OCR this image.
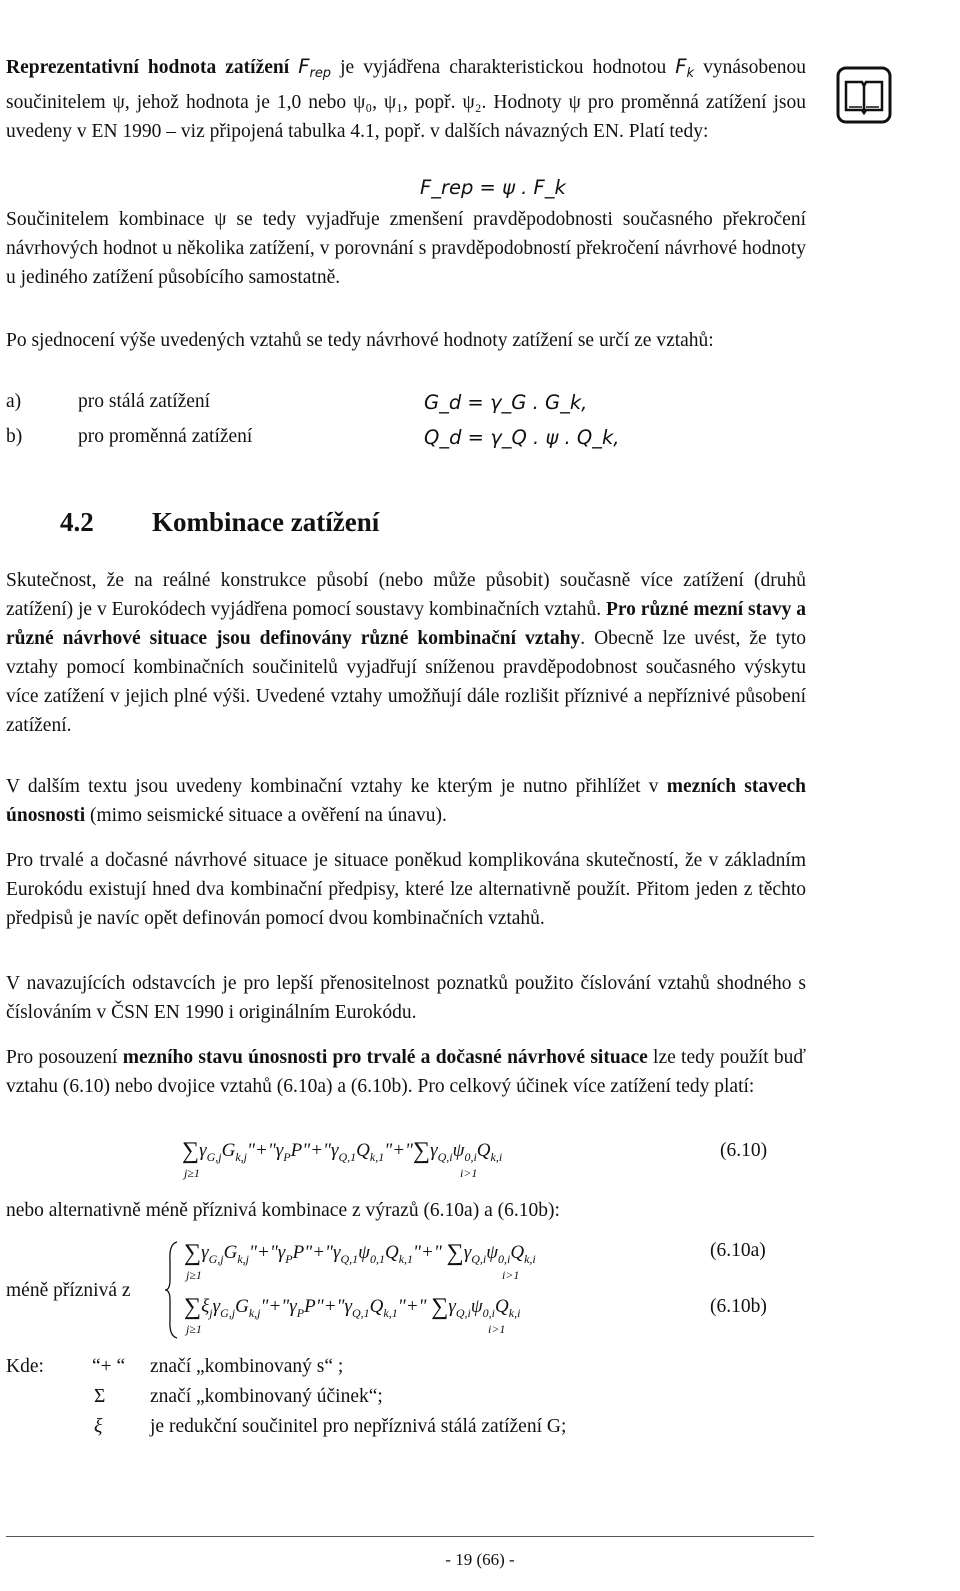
Reprezentativní hodnota zatížení $F_{rep}$ je vyjádřena charakteristickou hodnotou $F_k$ vynásobenou součinitelem ψ, jehož hodnota je 1,0 nebo ψ₀, ψ₁, popř. ψ₂. Hodnoty ψ pro proměnná zatížení jsou uvedeny v EN 1990 – viz připojená tabulka 4.1, popř. v dalších návazných EN. Platí tedy:
F_rep = ψ . F_k
Součinitelem kombinace ψ se tedy vyjadřuje zmenšení pravděpodobnosti současného překročení návrhových hodnot u několika zatížení, v porovnání s pravděpodobností překročení návrhové hodnoty u jediného zatížení působícího samostatně.
Po sjednocení výše uvedených vztahů se tedy návrhové hodnoty zatížení se určí ze vztahů:
a)	pro stálá zatížení	G_d = γ_G . G_k,
b)	pro proměnná zatížení	Q_d = γ_Q . ψ . Q_k,
4.2 Kombinace zatížení
Skutečnost, že na reálné konstrukce působí (nebo může působit) současně více zatížení (druhů zatížení) je v Eurokódech vyjádřena pomocí soustavy kombinačních vztahů. Pro různé mezní stavy a různé návrhové situace jsou definovány různé kombinační vztahy. Obecně lze uvést, že tyto vztahy pomocí kombinačních součinitelů vyjadřují sníženou pravděpodobnost současného výskytu více zatížení v jejich plné výši. Uvedené vztahy umožňují dále rozlišit příznivé a nepříznivé působení zatížení.
V dalším textu jsou uvedeny kombinační vztahy ke kterým je nutno přihlížet v mezních stavech únosnosti (mimo seismické situace a ověření na únavu).
Pro trvalé a dočasné návrhové situace je situace poněkud komplikována skutečností, že v základním Eurokódu existují hned dva kombinační předpisy, které lze alternativně použít. Přitom jeden z těchto předpisů je navíc opět definován pomocí dvou kombinačních vztahů.
V navazujících odstavcích je pro lepší přenositelnost poznatků použito číslování vztahů shodného s číslováním v ČSN EN 1990 i originálním Eurokódu.
Pro posouzení mezního stavu únosnosti pro trvalé a dočasné návrhové situace lze tedy použít buď vztahu (6.10) nebo dvojice vztahů (6.10a) a (6.10b). Pro celkový účinek více zatížení tedy platí:
$\sum\gamma_{G,j}G_{k,j}"+"\gamma_PP"+"\gamma_{Q,1}Q_{k,1}"+"\sum\gamma_{Q,i}\psi_{0,i}Q_{k,i}$
j≥1	i>1
(6.10)
nebo alternativně méně příznivá kombinace z výrazů (6.10a) a (6.10b):
méně příznivá z
$\sum\gamma_{G,j}G_{k,j}"+"\gamma_PP"+"\gamma_{Q,1}\psi_{0,1}Q_{k,1}"+$" $\sum\gamma_{Q,i}\psi_{0,i}Q_{k,i}$
j≥1	i>1
(6.10a)
$\sum\xi_j\gamma_{G,j}G_{k,j}"+"\gamma_PP"+"\gamma_{Q,1}Q_{k,1}"+$" $\sum\gamma_{Q,i}\psi_{0,i}Q_{k,i}$
j≥1	i>1
(6.10b)
Kde: “+ “ značí „kombinovaný s“ ;
Σ značí „kombinovaný účinek“;
ξ je redukční součinitel pro nepříznivá stálá zatížení G;
- 19 (66) -
